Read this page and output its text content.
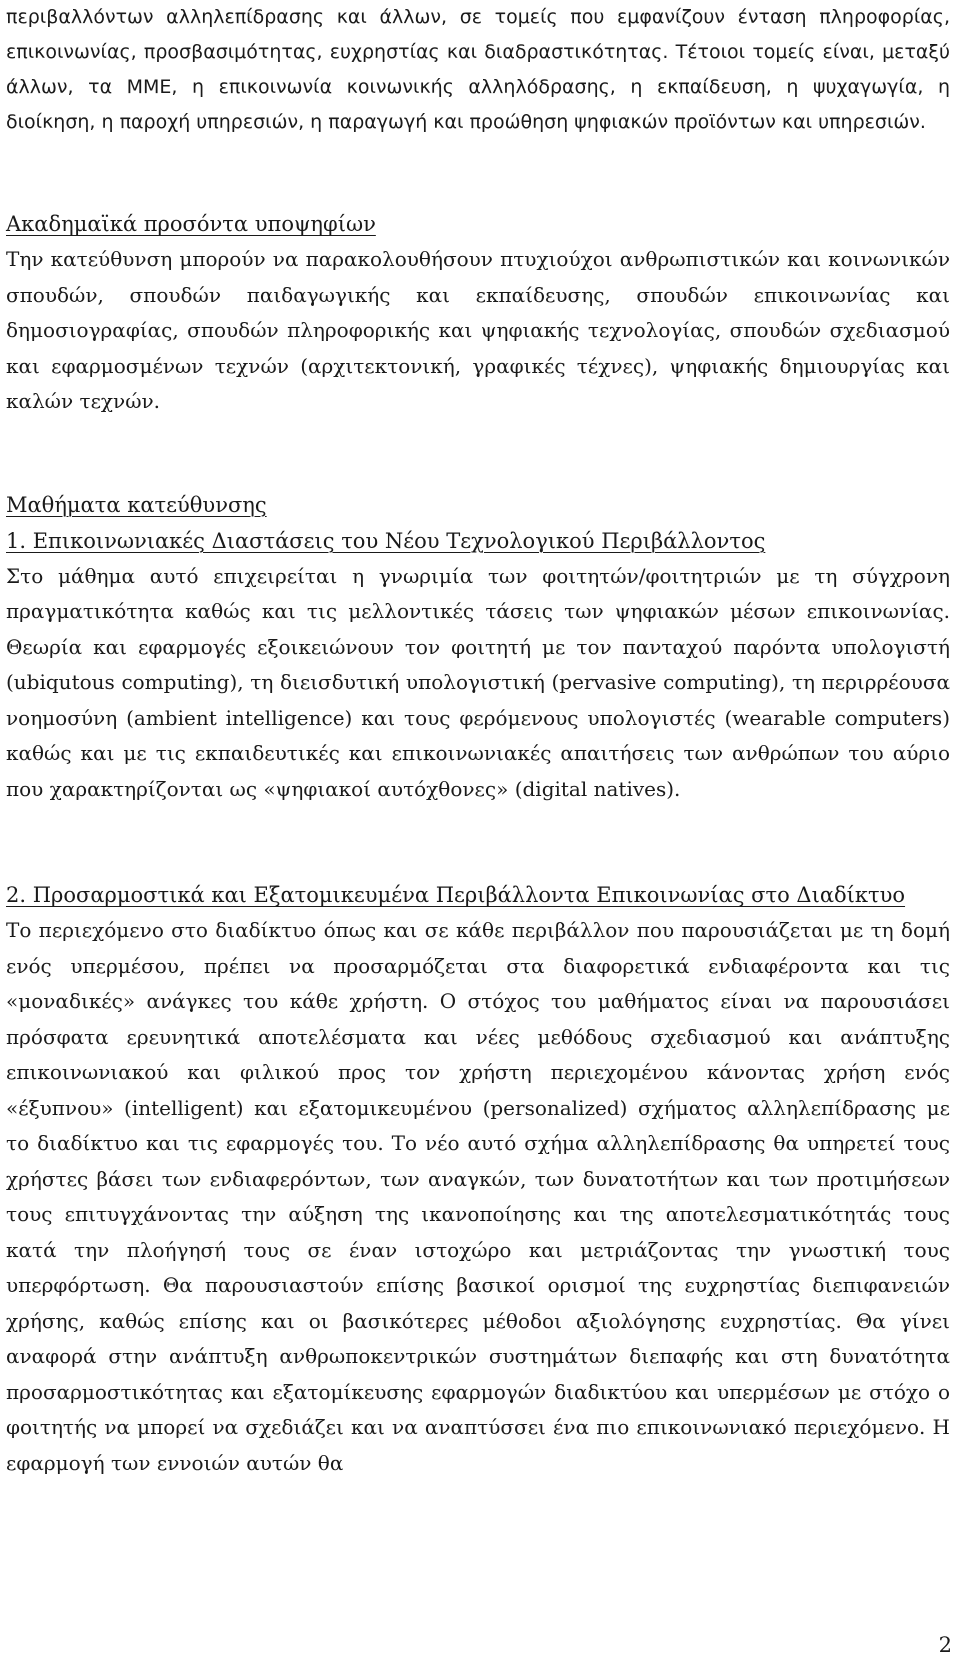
περιβαλλόντων αλληλεπίδρασης και άλλων, σε τομείς που εμφανίζουν ένταση πληροφορίας, επικοινωνίας, προσβασιμότητας, ευχρηστίας και διαδραστικότητας. Τέτοιοι τομείς είναι, μεταξύ άλλων, τα ΜΜΕ, η επικοινωνία κοινωνικής αλληλόδρασης, η εκπαίδευση, η ψυχαγωγία, η διοίκηση, η παροχή υπηρεσιών, η παραγωγή και προώθηση ψηφιακών προϊόντων και υπηρεσιών.

Ακαδημαϊκά προσόντα υποψηφίων

Την κατεύθυνση μπορούν να παρακολουθήσουν πτυχιούχοι ανθρωπιστικών και κοινωνικών σπουδών, σπουδών παιδαγωγικής και εκπαίδευσης, σπουδών επικοινωνίας και δημοσιογραφίας, σπουδών πληροφορικής και ψηφιακής τεχνολογίας, σπουδών σχεδιασμού και εφαρμοσμένων τεχνών (αρχιτεκτονική, γραφικές τέχνες), ψηφιακής δημιουργίας και καλών τεχνών.

Μαθήματα κατεύθυνσης
1. Επικοινωνιακές Διαστάσεις του Νέου Τεχνολογικού Περιβάλλοντος

Στο μάθημα αυτό επιχειρείται η γνωριμία των φοιτητών/φοιτητριών με τη σύγχρονη πραγματικότητα καθώς και τις μελλοντικές τάσεις των ψηφιακών μέσων επικοινωνίας. Θεωρία και εφαρμογές εξοικειώνουν τον φοιτητή με τον πανταχού παρόντα υπολογιστή (ubiqutous computing), τη διεισδυτική υπολογιστική (pervasive computing), τη περιρρέουσα νοημοσύνη (ambient intelligence) και τους φερόμενους υπολογιστές (wearable computers) καθώς και με τις εκπαιδευτικές και επικοινωνιακές απαιτήσεις των ανθρώπων του αύριο που χαρακτηρίζονται ως «ψηφιακοί αυτόχθονες» (digital natives).

2. Προσαρμοστικά και Εξατομικευμένα Περιβάλλοντα Επικοινωνίας στο Διαδίκτυο

Το περιεχόμενο στο διαδίκτυο όπως και σε κάθε περιβάλλον που παρουσιάζεται με τη δομή ενός υπερμέσου, πρέπει να προσαρμόζεται στα διαφορετικά ενδιαφέροντα και τις «μοναδικές» ανάγκες του κάθε χρήστη. Ο στόχος του μαθήματος είναι να παρουσιάσει πρόσφατα ερευνητικά αποτελέσματα και νέες μεθόδους σχεδιασμού και ανάπτυξης επικοινωνιακού και φιλικού προς τον χρήστη περιεχομένου κάνοντας χρήση ενός «έξυπνου» (intelligent) και εξατομικευμένου (personalized) σχήματος αλληλεπίδρασης με το διαδίκτυο και τις εφαρμογές του. Το νέο αυτό σχήμα αλληλεπίδρασης θα υπηρετεί τους χρήστες βάσει των ενδιαφερόντων, των αναγκών, των δυνατοτήτων και των προτιμήσεων τους επιτυγχάνοντας την αύξηση της ικανοποίησης και της αποτελεσματικότητάς τους κατά την πλοήγησή τους σε έναν ιστοχώρο και μετριάζοντας την γνωστική τους υπερφόρτωση. Θα παρουσιαστούν επίσης βασικοί ορισμοί της ευχρηστίας διεπιφανειών χρήσης, καθώς επίσης και οι βασικότερες μέθοδοι αξιολόγησης ευχρηστίας. Θα γίνει αναφορά στην ανάπτυξη ανθρωποκεντρικών συστημάτων διεπαφής και στη δυνατότητα προσαρμοστικότητας και εξατομίκευσης εφαρμογών διαδικτύου και υπερμέσων με στόχο ο φοιτητής να μπορεί να σχεδιάζει και να αναπτύσσει ένα πιο επικοινωνιακό περιεχόμενο. Η εφαρμογή των εννοιών αυτών θα

2
